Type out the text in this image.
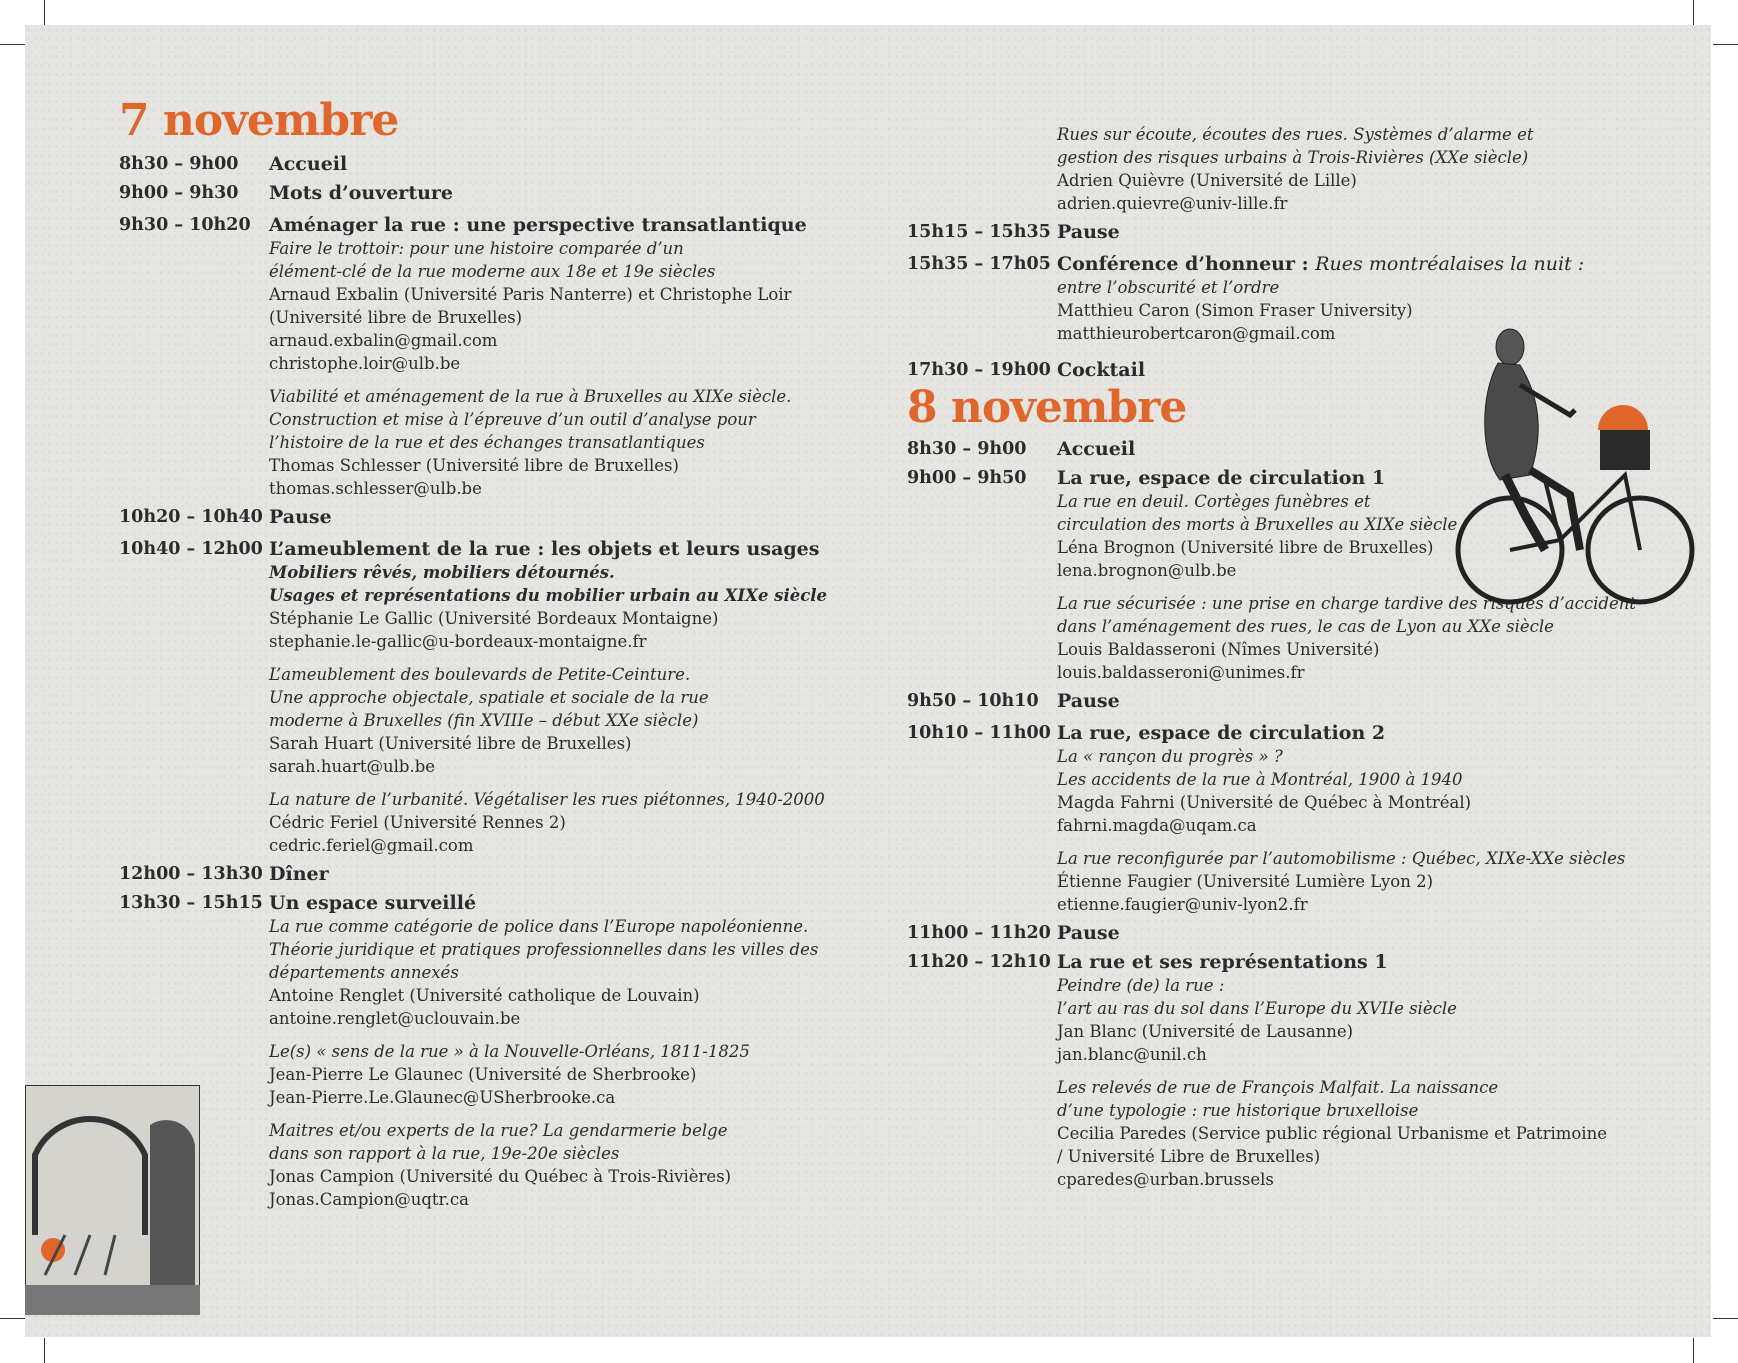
7 novembre
8h30 – 9h00	Accueil
9h00 – 9h30	Mots d’ouverture
9h30 – 10h20 Aménager la rue : une perspective transatlantique
Faire le trottoir: pour une histoire comparée d’un
élément-clé de la rue moderne aux 18e et 19e siècles
Arnaud Exbalin (Université Paris Nanterre) et Christophe Loir
(Université libre de Bruxelles)
arnaud.exbalin@gmail.com
christophe.loir@ulb.be
Viabilité et aménagement de la rue à Bruxelles au XIXe siècle.
Construction et mise à l’épreuve d’un outil d’analyse pour
l’histoire de la rue et des échanges transatlantiques
Thomas Schlesser (Université libre de Bruxelles)
thomas.schlesser@ulb.be
10h20 – 10h40 Pause
10h40 – 12h00 L’ameublement de la rue : les objets et leurs usages
Mobiliers rêvés, mobiliers détournés.
Usages et représentations du mobilier urbain au XIXe siècle
Stéphanie Le Gallic (Université Bordeaux Montaigne)
stephanie.le-gallic@u-bordeaux-montaigne.fr
L’ameublement des boulevards de Petite-Ceinture.
Une approche objectale, spatiale et sociale de la rue
moderne à Bruxelles (fin XVIIIe – début XXe siècle)
Sarah Huart (Université libre de Bruxelles)
sarah.huart@ulb.be
La nature de l’urbanité. Végétaliser les rues piétonnes, 1940-2000
Cédric Feriel (Université Rennes 2)
cedric.feriel@gmail.com
12h00 – 13h30 Dîner
13h30 – 15h15 Un espace surveillé
La rue comme catégorie de police dans l’Europe napoléonienne.
Théorie juridique et pratiques professionnelles dans les villes des
départements annexés
Antoine Renglet (Université catholique de Louvain)
antoine.renglet@uclouvain.be
Le(s) « sens de la rue » à la Nouvelle-Orléans, 1811-1825
Jean-Pierre Le Glaunec (Université de Sherbrooke)
Jean-Pierre.Le.Glaunec@USherbrooke.ca
Maitres et/ou experts de la rue? La gendarmerie belge
dans son rapport à la rue, 19e-20e siècles
Jonas Campion (Université du Québec à Trois-Rivières)
Jonas.Campion@uqtr.ca
Rues sur écoute, écoutes des rues. Systèmes d’alarme et
gestion des risques urbains à Trois-Rivières (XXe siècle)
Adrien Quièvre (Université de Lille)
adrien.quievre@univ-lille.fr
15h15 – 15h35 Pause
15h35 – 17h05 Conférence d’honneur : Rues montréalaises la nuit :
entre l’obscurité et l’ordre
Matthieu Caron (Simon Fraser University)
matthieurobertcaron@gmail.com
17h30 – 19h00 Cocktail
8 novembre
8h30 – 9h00	Accueil
9h00 – 9h50	La rue, espace de circulation 1
La rue en deuil. Cortèges funèbres et
circulation des morts à Bruxelles au XIXe siècle
Léna Brognon (Université libre de Bruxelles)
lena.brognon@ulb.be
La rue sécurisée : une prise en charge tardive des risques d’accident
dans l’aménagement des rues, le cas de Lyon au XXe siècle
Louis Baldasseroni (Nîmes Université)
louis.baldasseroni@unimes.fr
9h50 – 10h10 Pause
10h10 – 11h00 La rue, espace de circulation 2
La « rançon du progrès » ?
Les accidents de la rue à Montréal, 1900 à 1940
Magda Fahrni (Université de Québec à Montréal)
fahrni.magda@uqam.ca
La rue reconfigurée par l’automobilisme : Québec, XIXe-XXe siècles
Étienne Faugier (Université Lumière Lyon 2)
etienne.faugier@univ-lyon2.fr
11h00 – 11h20 Pause
11h20 – 12h10 La rue et ses représentations 1
Peindre (de) la rue :
l’art au ras du sol dans l’Europe du XVIIe siècle
Jan Blanc (Université de Lausanne)
jan.blanc@unil.ch
Les relevés de rue de François Malfait. La naissance
d’une typologie : rue historique bruxelloise
Cecilia Paredes (Service public régional Urbanisme et Patrimoine
/ Université Libre de Bruxelles)
cparedes@urban.brussels
